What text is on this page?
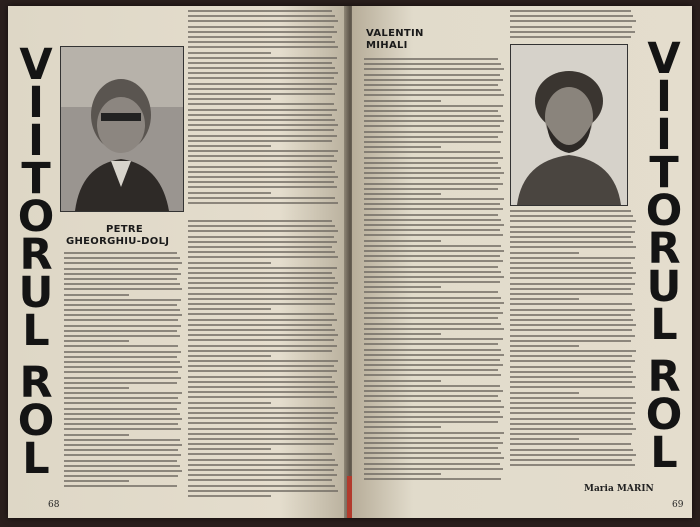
V
I
I
T
O
R
U
L
R
O
L
PETRE
GHEORGHIU-DOLJ
68
VALENTIN
MIHALI	V
I
I
T
O
R
U
L
R
O
L
Maria MARIN
69
